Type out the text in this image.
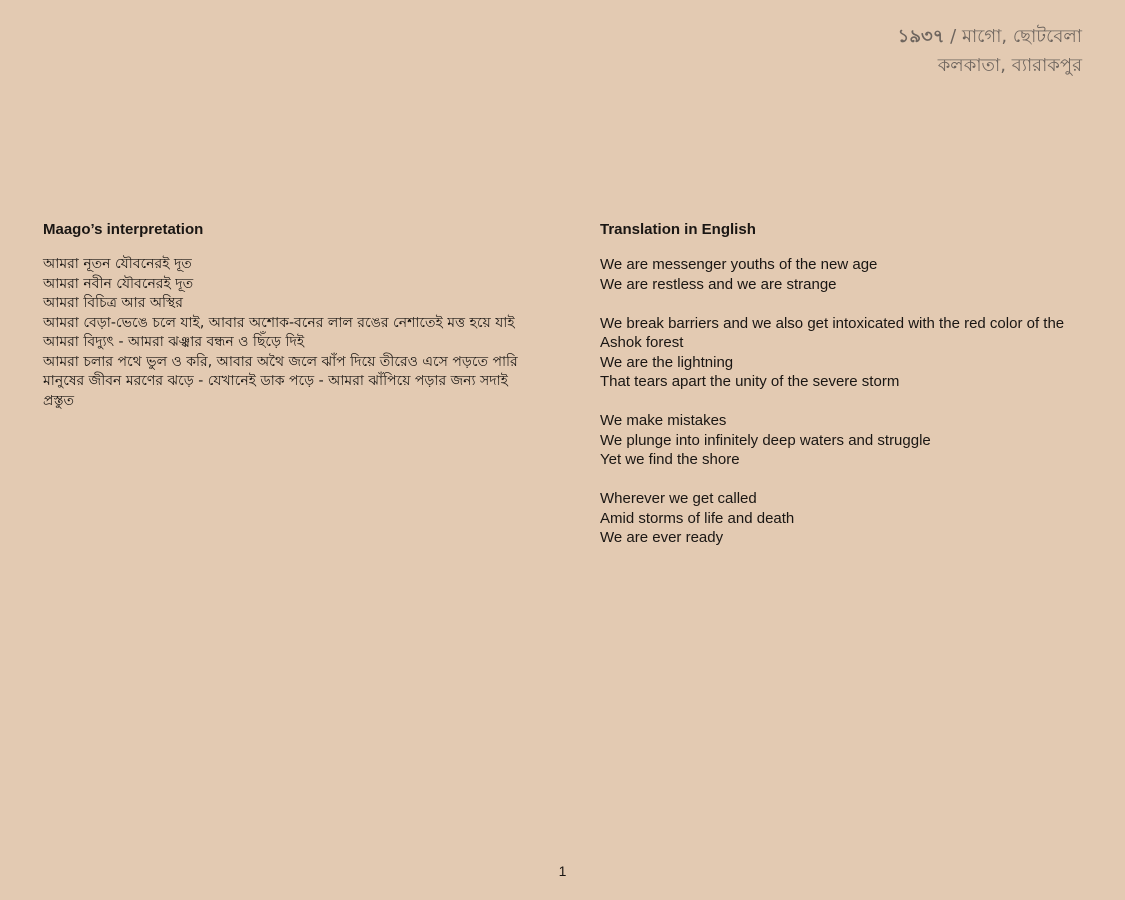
১৯৩৭ / মাগো, ছোটবেলা
কলকাতা, ব্যারাকপুর
Maago’s interpretation
আমরা নূতন যৌবনেরই দূত
আমরা নবীন যৌবনেরই দূত
আমরা বিচিত্র আর অস্থির
আমরা বেড়া-ভেঙে চলে যাই, আবার অশোক-বনের লাল রঙের নেশাতেই মত্ত হয়ে যাই
আমরা বিদ্যুৎ - আমরা ঝঞ্ঝার বন্ধন ও ছিঁড়ে দিই
আমরা চলার পথে ভুল ও করি, আবার অথৈ জলে ঝাঁপ দিয়ে তীরেও এসে পড়তে পারি
মানুষের জীবন মরণের ঝড়ে - যেখানেই ডাক পড়ে - আমরা ঝাঁপিয়ে পড়ার জন্য সদাই প্রস্তুত
Translation in English
We are messenger youths of the new age
We are restless and we are strange
We break barriers and we also get intoxicated with the red color of the Ashok forest
We are the lightning
That tears apart the unity of the severe storm
We make mistakes
We plunge into infinitely deep waters and struggle
Yet we find the shore
Wherever we get called
Amid storms of life and death
We are ever ready
1
